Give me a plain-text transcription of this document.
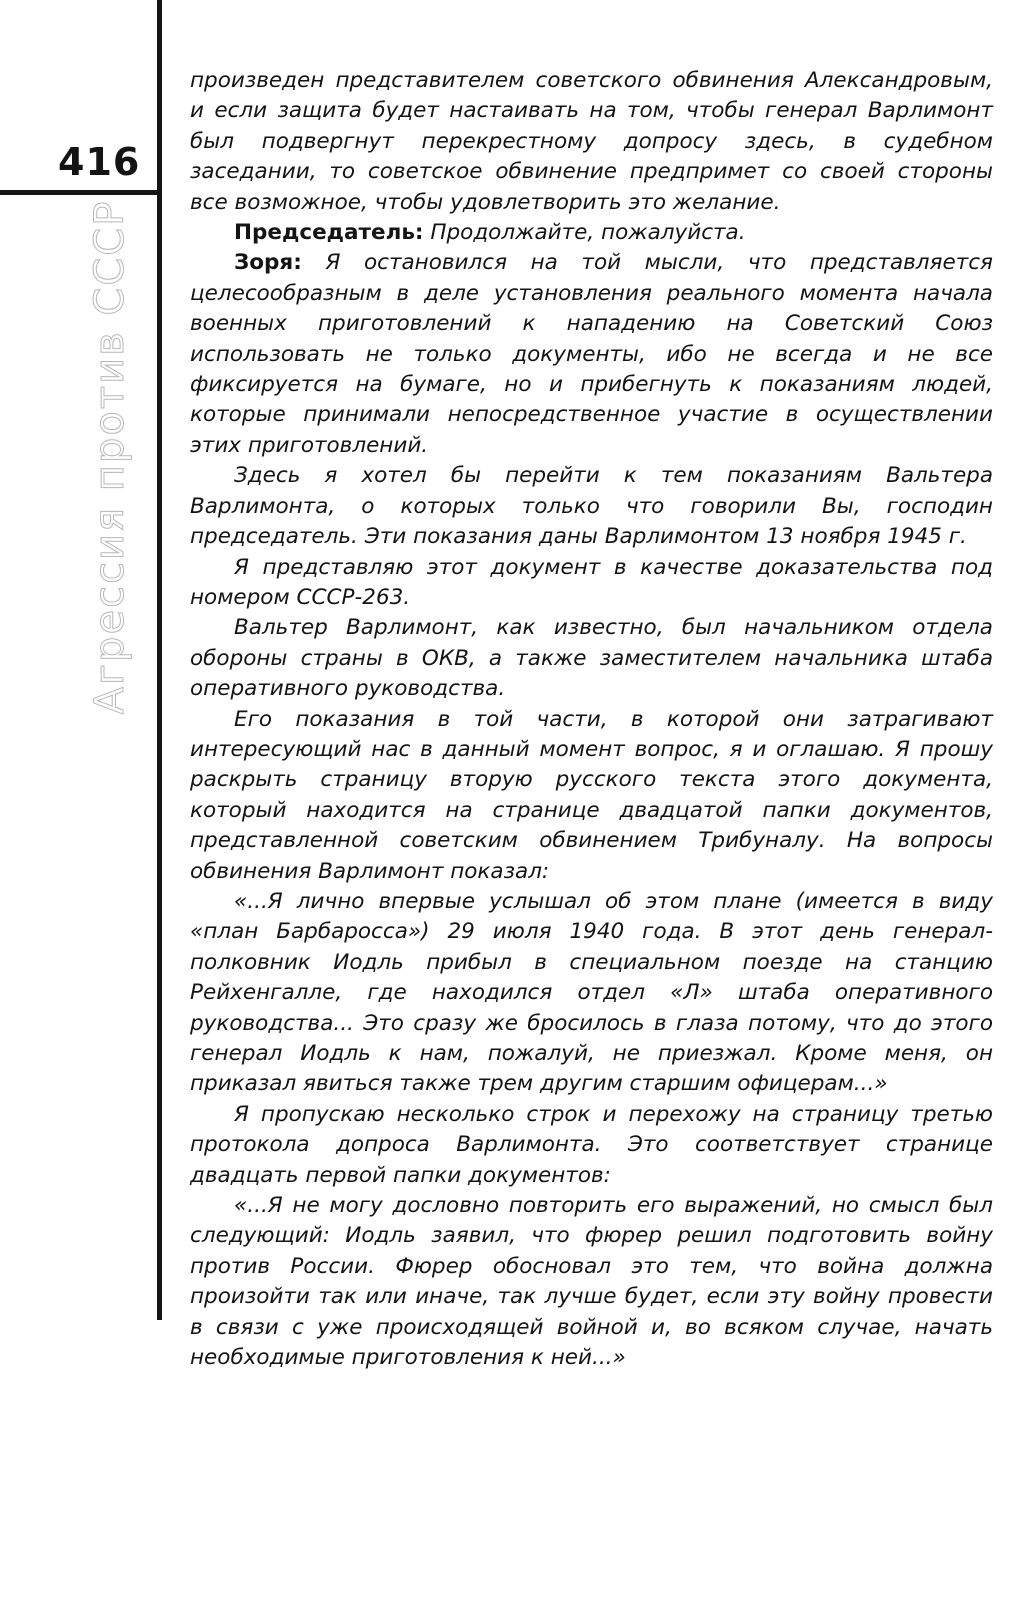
416
Агрессия против СССР

произведен представителем советского обвинения Александровым, и если защита будет настаивать на том, чтобы генерал Варлимонт был подвергнут перекрестному допросу здесь, в судебном заседании, то советское обвинение предпримет со своей стороны все возможное, чтобы удовлетворить это желание.

Председатель: Продолжайте, пожалуйста.

Зоря: Я остановился на той мысли, что представляется целесообразным в деле установления реального момента начала военных приготовлений к нападению на Советский Союз использовать не только документы, ибо не всегда и не все фиксируется на бумаге, но и прибегнуть к показаниям людей, которые принимали непосредственное участие в осуществлении этих приготовлений.

Здесь я хотел бы перейти к тем показаниям Вальтера Варлимонта, о которых только что говорили Вы, господин председатель. Эти показания даны Варлимонтом 13 ноября 1945 г.

Я представляю этот документ в качестве доказательства под номером СССР-263.

Вальтер Варлимонт, как известно, был начальником отдела обороны страны в ОКВ, а также заместителем начальника штаба оперативного руководства.

Его показания в той части, в которой они затрагивают интересующий нас в данный момент вопрос, я и оглашаю. Я прошу раскрыть страницу вторую русского текста этого документа, который находится на странице двадцатой папки документов, представленной советским обвинением Трибуналу. На вопросы обвинения Варлимонт показал:

«...Я лично впервые услышал об этом плане (имеется в виду «план Барбаросса») 29 июля 1940 года. В этот день генерал-полковник Иодль прибыл в специальном поезде на станцию Рейхенгалле, где находился отдел «Л» штаба оперативного руководства... Это сразу же бросилось в глаза потому, что до этого генерал Иодль к нам, пожалуй, не приезжал. Кроме меня, он приказал явиться также трем другим старшим офицерам...»

Я пропускаю несколько строк и перехожу на страницу третью протокола допроса Варлимонта. Это соответствует странице двадцать первой папки документов:

«...Я не могу дословно повторить его выражений, но смысл был следующий: Иодль заявил, что фюрер решил подготовить войну против России. Фюрер обосновал это тем, что война должна произойти так или иначе, так лучше будет, если эту войну провести в связи с уже происходящей войной и, во всяком случае, начать необходимые приготовления к ней...»
